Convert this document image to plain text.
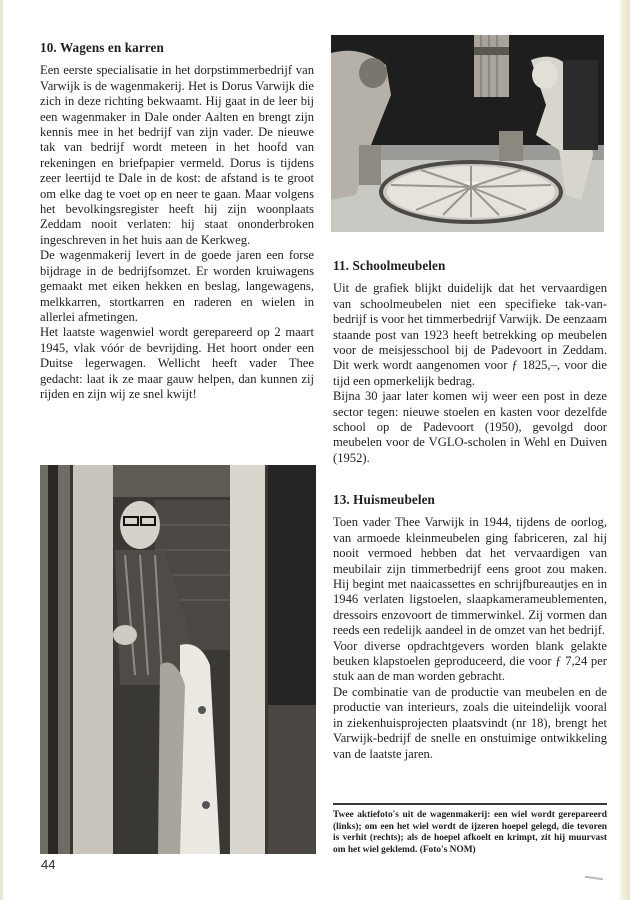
10. Wagens en karren

Een eerste specialisatie in het dorpstimmerbedrijf van Varwijk is de wagenmakerij. Het is Dorus Varwijk die zich in deze richting bekwaamt. Hij gaat in de leer bij een wagenmaker in Dale onder Aalten en brengt zijn kennis mee in het bedrijf van zijn vader. De nieuwe tak van bedrijf wordt meteen in het hoofd van rekeningen en briefpapier vermeld. Dorus is tijdens zeer leertijd te Dale in de kost: de afstand is te groot om elke dag te voet op en neer te gaan. Maar volgens het bevolkingsregister heeft hij zijn woonplaats Zeddam nooit verlaten: hij staat ononderbroken ingeschreven in het huis aan de Kerkweg.

De wagenmakerij levert in de goede jaren een forse bijdrage in de bedrijfsomzet. Er worden kruiwagens gemaakt met eiken hekken en beslag, langewagens, melkkarren, stortkarren en raderen en wielen in allerlei afmetingen.

Het laatste wagenwiel wordt gerepareerd op 2 maart 1945, vlak vóór de bevrijding. Het hoort onder een Duitse legerwagen. Wellicht heeft vader Thee gedacht: laat ik ze maar gauw helpen, dan kunnen zij rijden en zijn wij ze snel kwijt!

11. Schoolmeubelen

Uit de grafiek blijkt duidelijk dat het vervaardigen van schoolmeubelen niet een specifieke tak-van-bedrijf is voor het timmerbedrijf Varwijk. De eenzaam staande post van 1923 heeft betrekking op meubelen voor de meisjesschool bij de Padevoort in Zeddam. Dit werk wordt aangenomen voor ƒ 1825,–, voor die tijd een opmerkelijk bedrag.

Bijna 30 jaar later komen wij weer een post in deze sector tegen: nieuwe stoelen en kasten voor dezelfde school op de Padevoort (1950), gevolgd door meubelen voor de VGLO-scholen in Wehl en Duiven (1952).

13. Huismeubelen

Toen vader Thee Varwijk in 1944, tijdens de oorlog, van armoede kleinmeubelen ging fabriceren, zal hij nooit vermoed hebben dat het vervaardigen van meubilair zijn timmerbedrijf eens groot zou maken. Hij begint met naaicassettes en schrijfbureautjes en in 1946 verlaten ligstoelen, slaapkamerameublementen, dressoirs enzovoort de timmerwinkel. Zij vormen dan reeds een redelijk aandeel in de omzet van het bedrijf.

Voor diverse opdrachtgevers worden blank gelakte beuken klapstoelen geproduceerd, die voor ƒ 7,24 per stuk aan de man worden gebracht.

De combinatie van de productie van meubelen en de productie van interieurs, zoals die uiteindelijk vooral in ziekenhuisprojecten plaatsvindt (nr 18), brengt het Varwijk-bedrijf de snelle en onstuimige ontwikkeling van de laatste jaren.

Twee aktiefoto's uit de wagenmakerij: een wiel wordt gerepareerd (links); om een het wiel wordt de ijzeren hoepel gelegd, die tevoren is verhit (rechts); als de hoepel afkoelt en krimpt, zit hij muurvast om het wiel geklemd. (Foto's NOM)
44
